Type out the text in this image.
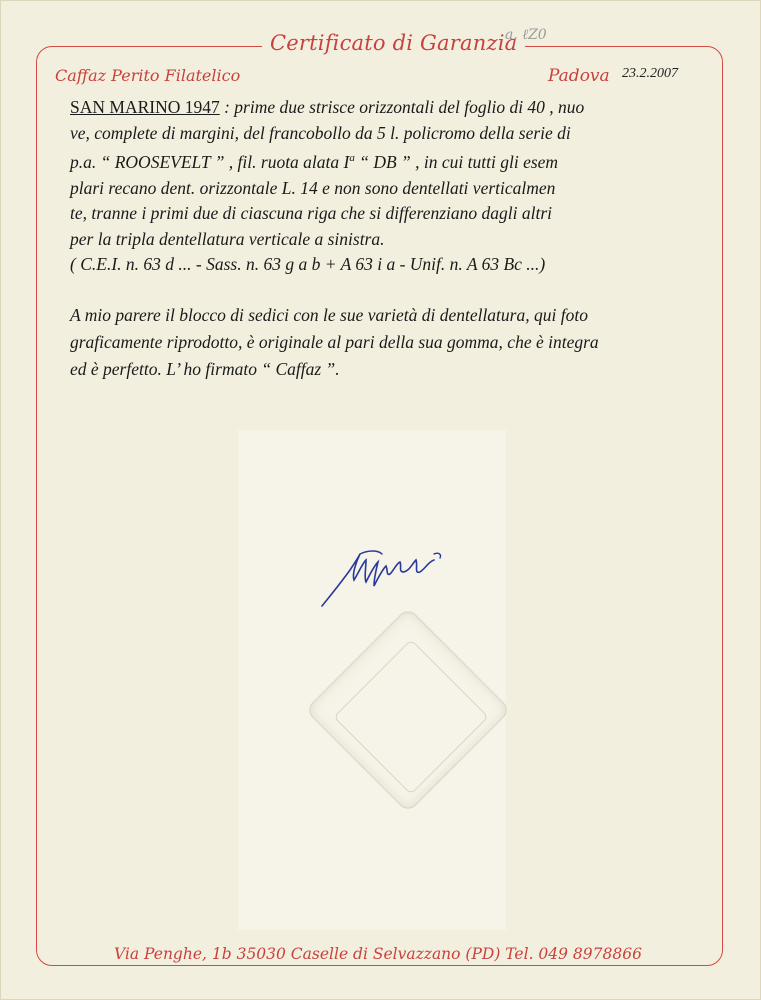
Certificato di Garanzia
a. ℓZ0
Caffaz Perito Filatelico	Padova 23.2.2007
SAN MARINO 1947 : prime due strisce orizzontali del foglio di 40 , nuo
ve, complete di margini, del francobollo da 5 l. policromo della serie di
p.a. “ ROOSEVELT ” , fil. ruota alata $I^a$ “ DB ” , in cui tutti gli esem
plari recano dent. orizzontale L. 14 e non sono dentellati verticalmen
te, tranne i primi due di ciascuna riga che si differenziano dagli altri
per la tripla dentellatura verticale a sinistra.
( C.E.I. n. 63 d ... - Sass. n. 63 g a b + A 63 i a - Unif. n. A 63 Bc ...)
A mio parere il blocco di sedici con le sue varietà di dentellatura, qui foto
graficamente riprodotto, è originale al pari della sua gomma, che è integra
ed è perfetto. L’ ho firmato “ Caffaz ”.
Via Penghe, 1b 35030 Caselle di Selvazzano (PD) Tel. 049 8978866
